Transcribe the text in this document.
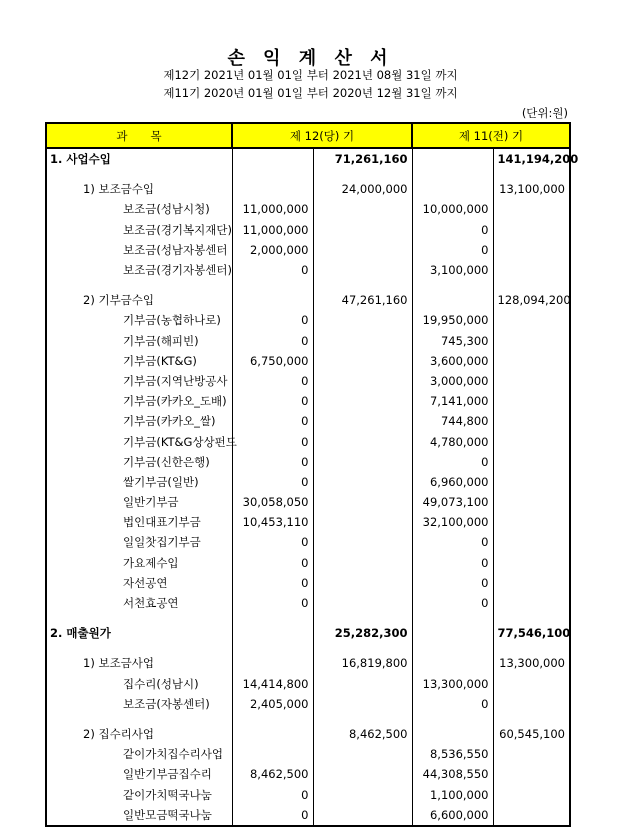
손 익 계 산 서
제12기 2021년 01월 01일 부터 2021년 08월 31일 까지
제11기 2020년 01월 01일 부터 2020년 12월 31일 까지
(단위:원)
과　　목	제 12(당) 기		제 11(전) 기	
1. 사업수입		71,261,160		141,194,200

1) 보조금수입		24,000,000		13,100,000
보조금(성남시청)	11,000,000		10,000,000	
보조금(경기복지재단)	11,000,000		0	
보조금(성남자봉센터	2,000,000		0	
보조금(경기자봉센터)	0		3,100,000	

2) 기부금수입		47,261,160		128,094,200
기부금(농협하나로)	0		19,950,000	
기부금(해피빈)	0		745,300	
기부금(KT&G)	6,750,000		3,600,000	
기부금(지역난방공사	0		3,000,000	
기부금(카카오_도배)	0		7,141,000	
기부금(카카오_쌀)	0		744,800	
기부금(KT&G상상펀드	0		4,780,000	
기부금(신한은행)	0		0	
쌀기부금(일반)	0		6,960,000	
일반기부금	30,058,050		49,073,100	
법인대표기부금	10,453,110		32,100,000	
일일찻집기부금	0		0	
가요제수입	0		0	
자선공연	0		0	
서천효공연	0		0	

2. 매출원가		25,282,300		77,546,100

1) 보조금사업		16,819,800		13,300,000
집수리(성남시)	14,414,800		13,300,000	
보조금(자봉센터)	2,405,000		0	

2) 집수리사업		8,462,500		60,545,100
같이가치집수리사업			8,536,550	
일반기부금집수리	8,462,500		44,308,550	
같이가치떡국나눔	0		1,100,000	
일반모금떡국나눔	0		6,600,000	
